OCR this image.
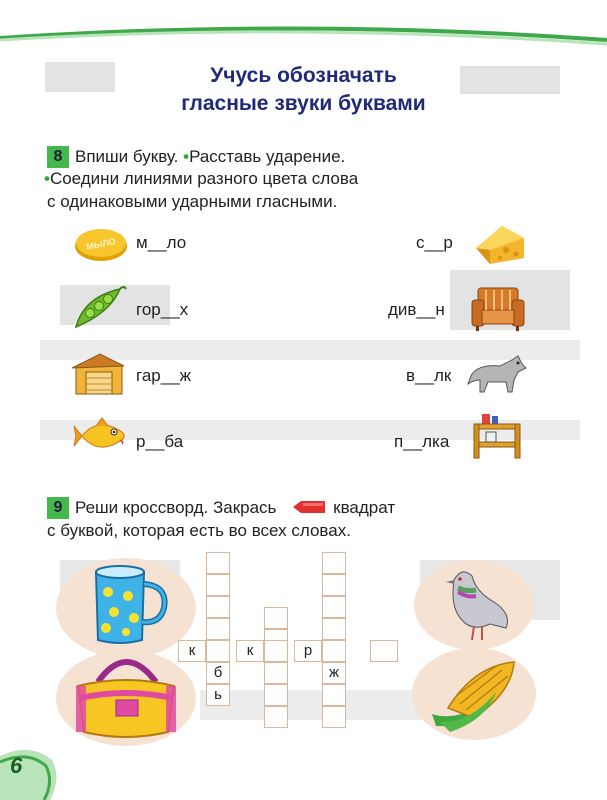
Учусь обозначать
гласные звуки буквами
8 Впиши букву. •Расставь ударение.
•Соедини линиями разного цвета слова
с одинаковыми ударными гласными.
МЫЛО м__ло	с__р
гор__х	див__н
гар__ж	в__лк
р__ба	п__лка
9 Реши кроссворд. Закрась	квадрат
с буквой, которая есть во всех словах.
б
ь
ж
к	к	р
6
